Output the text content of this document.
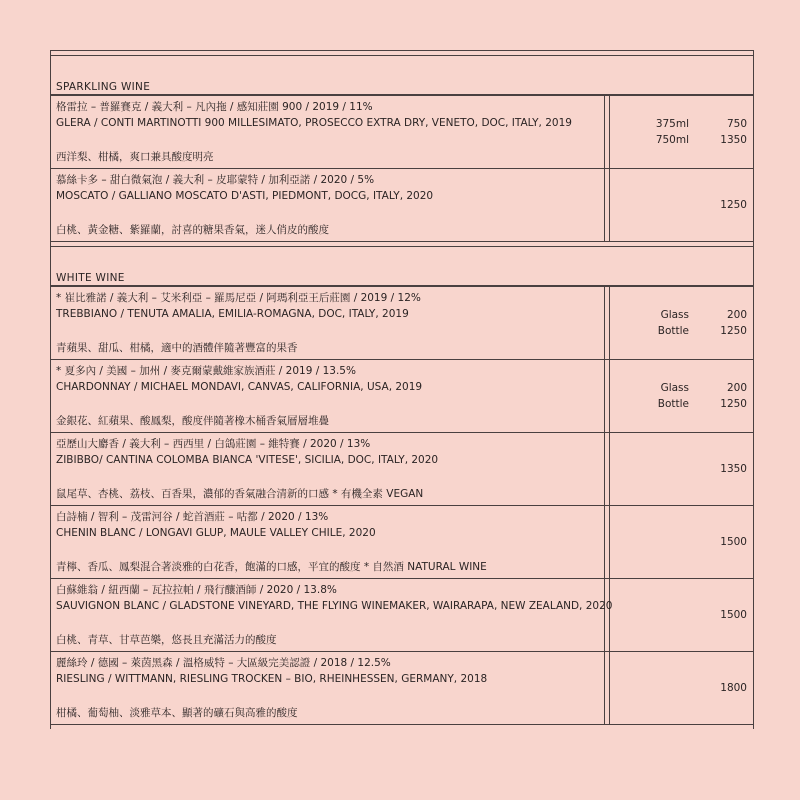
SPARKLING WINE
格雷拉 – 普羅賽克 / 義大利 – 凡內拖 / 感知莊園 900 / 2019 / 11%
GLERA / CONTI MARTINOTTI 900 MILLESIMATO, PROSECCO EXTRA DRY, VENETO, DOC, ITALY, 2019
西洋梨、柑橘，爽口兼具酸度明亮
375ml	750
750ml	1350
慕絲卡多 – 甜白微氣泡 / 義大利 – 皮耶蒙特 / 加利亞諾 / 2020 / 5%
MOSCATO / GALLIANO MOSCATO D'ASTI, PIEDMONT, DOCG, ITALY, 2020
白桃、黃金糖、紫羅蘭，討喜的糖果香氣，迷人俏皮的酸度
1250
WHITE WINE
* 崔比雅諾 / 義大利 – 艾米利亞 – 羅馬尼亞 / 阿瑪利亞王后莊園 / 2019 / 12%
TREBBIANO / TENUTA AMALIA, EMILIA-ROMAGNA, DOC, ITALY, 2019
青蘋果、甜瓜、柑橘，適中的酒體伴隨著豐富的果香
Glass	200
Bottle	1250
* 夏多內 / 美國 – 加州 / 麥克爾蒙戴維家族酒莊 / 2019 / 13.5%
CHARDONNAY / MICHAEL MONDAVI, CANVAS, CALIFORNIA, USA, 2019
金銀花、紅蘋果、酸鳳梨，酸度伴隨著橡木桶香氣層層堆疊
Glass	200
Bottle	1250
亞歷山大麝香 / 義大利 – 西西里 / 白鴿莊園 – 維特賽 / 2020 / 13%
ZIBIBBO/ CANTINA COLOMBA BIANCA 'VITESE', SICILIA, DOC, ITALY, 2020
鼠尾草、杏桃、荔枝、百香果，濃郁的香氣融合清新的口感 * 有機全素 VEGAN
1350
白詩楠 / 智利 – 茂雷河谷 / 蛇首酒莊 – 咕都 / 2020 / 13%
CHENIN BLANC / LONGAVI GLUP, MAULE VALLEY CHILE, 2020
青檸、香瓜、鳳梨混合著淡雅的白花香，飽滿的口感，平宜的酸度 * 自然酒 NATURAL WINE
1500
白蘇維翁 / 紐西蘭 – 瓦拉拉帕 / 飛行釀酒師 / 2020 / 13.8%
SAUVIGNON BLANC / GLADSTONE VINEYARD, THE FLYING WINEMAKER, WAIRARAPA, NEW ZEALAND, 2020
白桃、青草、甘草芭樂，悠長且充滿活力的酸度
1500
麗絲玲 / 德國 – 萊茵黑森 / 溫格威特 – 大區級完美認證 / 2018 / 12.5%
RIESLING / WITTMANN, RIESLING TROCKEN – BIO, RHEINHESSEN, GERMANY, 2018
柑橘、葡萄柚、淡雅草本、顯著的礦石與高雅的酸度
1800
